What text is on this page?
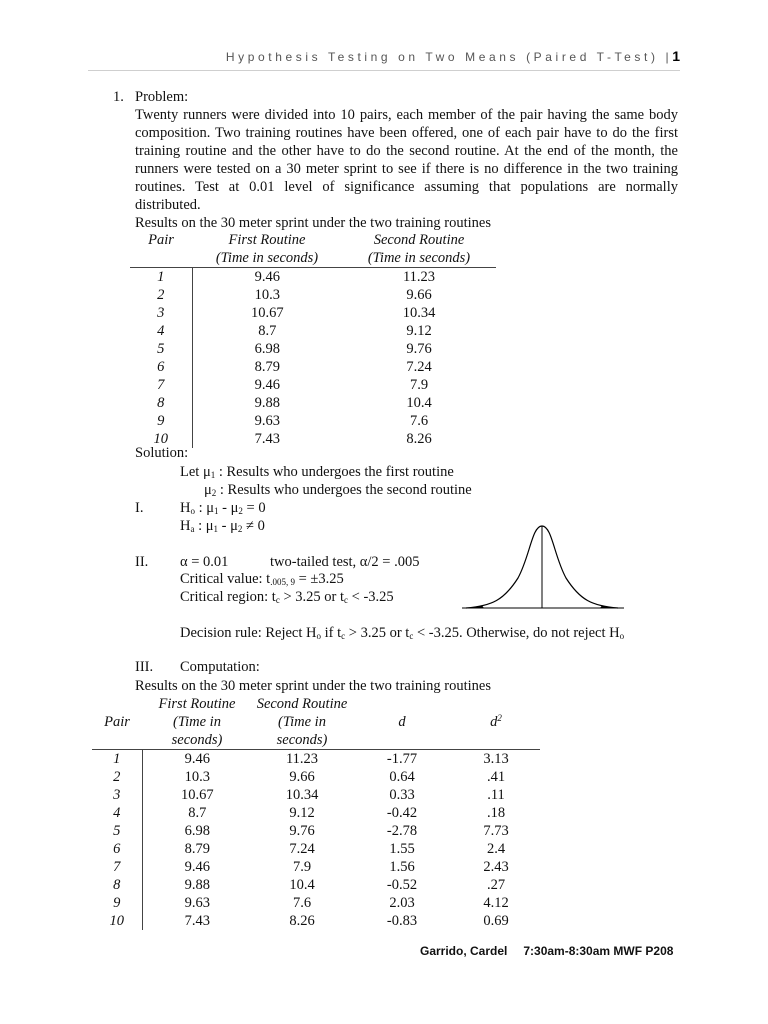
Hypothesis Testing on Two Means (Paired T-Test) |1
1. Problem:
Twenty runners were divided into 10 pairs, each member of the pair having the same body composition. Two training routines have been offered, one of each pair have to do the first training routine and the other have to do the second routine. At the end of the month, the runners were tested on a 30 meter sprint to see if there is no difference in the two training routines. Test at 0.01 level of significance assuming that populations are normally distributed.
Results on the 30 meter sprint under the two training routines
Pair	First Routine	Second Routine
	(Time in seconds)	(Time in seconds)
1	9.46	11.23
2	10.3	9.66
3	10.67	10.34
4	8.7	9.12
5	6.98	9.76
6	8.79	7.24
7	9.46	7.9
8	9.88	10.4
9	9.63	7.6
10	7.43	8.26
Solution:
Let $\mu_1$ : Results who undergoes the first routine
$\mu_2$ : Results who undergoes the second routine
I.	$H_o$ : $\mu_1 - \mu_2 = 0$
$H_a$ : $\mu_1 - \mu_2 \ne 0$
II. α = 0.01	two-tailed test, α/2 = .005
Critical value: $t_{.005, 9} = \pm 3.25$
Critical region: $t_c > 3.25$ or $t_c < -3.25$
Decision rule: Reject $H_o$ if $t_c > 3.25$ or $t_c < -3.25$. Otherwise, do not reject $H_o$
III. Computation:
Results on the 30 meter sprint under the two training routines
	First Routine	Second Routine		
Pair	(Time in	(Time in	d	$d^2$
	seconds)	seconds)		
1	9.46	11.23	-1.77	3.13
2	10.3	9.66	0.64	.41
3	10.67	10.34	0.33	.11
4	8.7	9.12	-0.42	.18
5	6.98	9.76	-2.78	7.73
6	8.79	7.24	1.55	2.4
7	9.46	7.9	1.56	2.43
8	9.88	10.4	-0.52	.27
9	9.63	7.6	2.03	4.12
10	7.43	8.26	-0.83	0.69
Garrido, Cardel 7:30am-8:30am MWF P208
